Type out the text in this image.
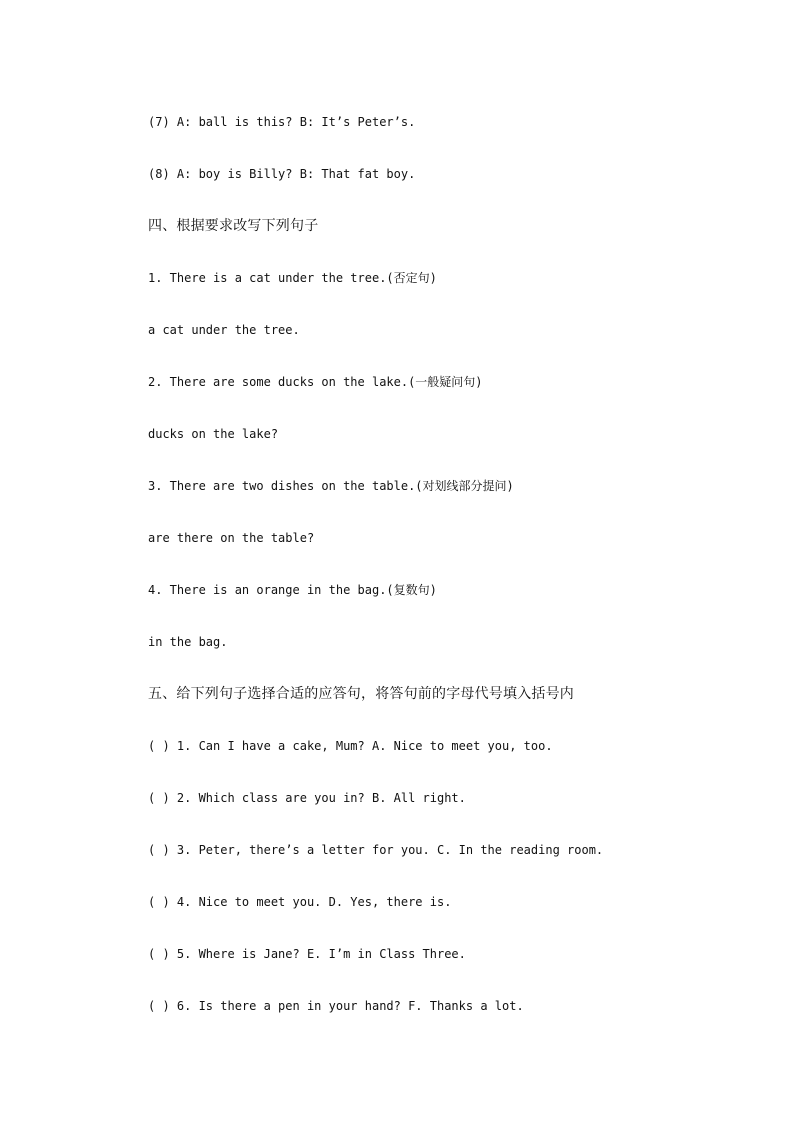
(7) A: ball is this? B: It’s Peter’s.
(8) A: boy is Billy? B: That fat boy.
四、根据要求改写下列句子
1. There is a cat under the tree.(否定句)
a cat under the tree.
2. There are some ducks on the lake.(一般疑问句)
ducks on the lake?
3. There are two dishes on the table.(对划线部分提问)
are there on the table?
4. There is an orange in the bag.(复数句)
in the bag.
五、给下列句子选择合适的应答句，将答句前的字母代号填入括号内
( ) 1. Can I have a cake, Mum? A. Nice to meet you, too.
( ) 2. Which class are you in? B. All right.
( ) 3. Peter, there’s a letter for you. C. In the reading room.
( ) 4. Nice to meet you. D. Yes, there is.
( ) 5. Where is Jane? E. I’m in Class Three.
( ) 6. Is there a pen in your hand? F. Thanks a lot.
